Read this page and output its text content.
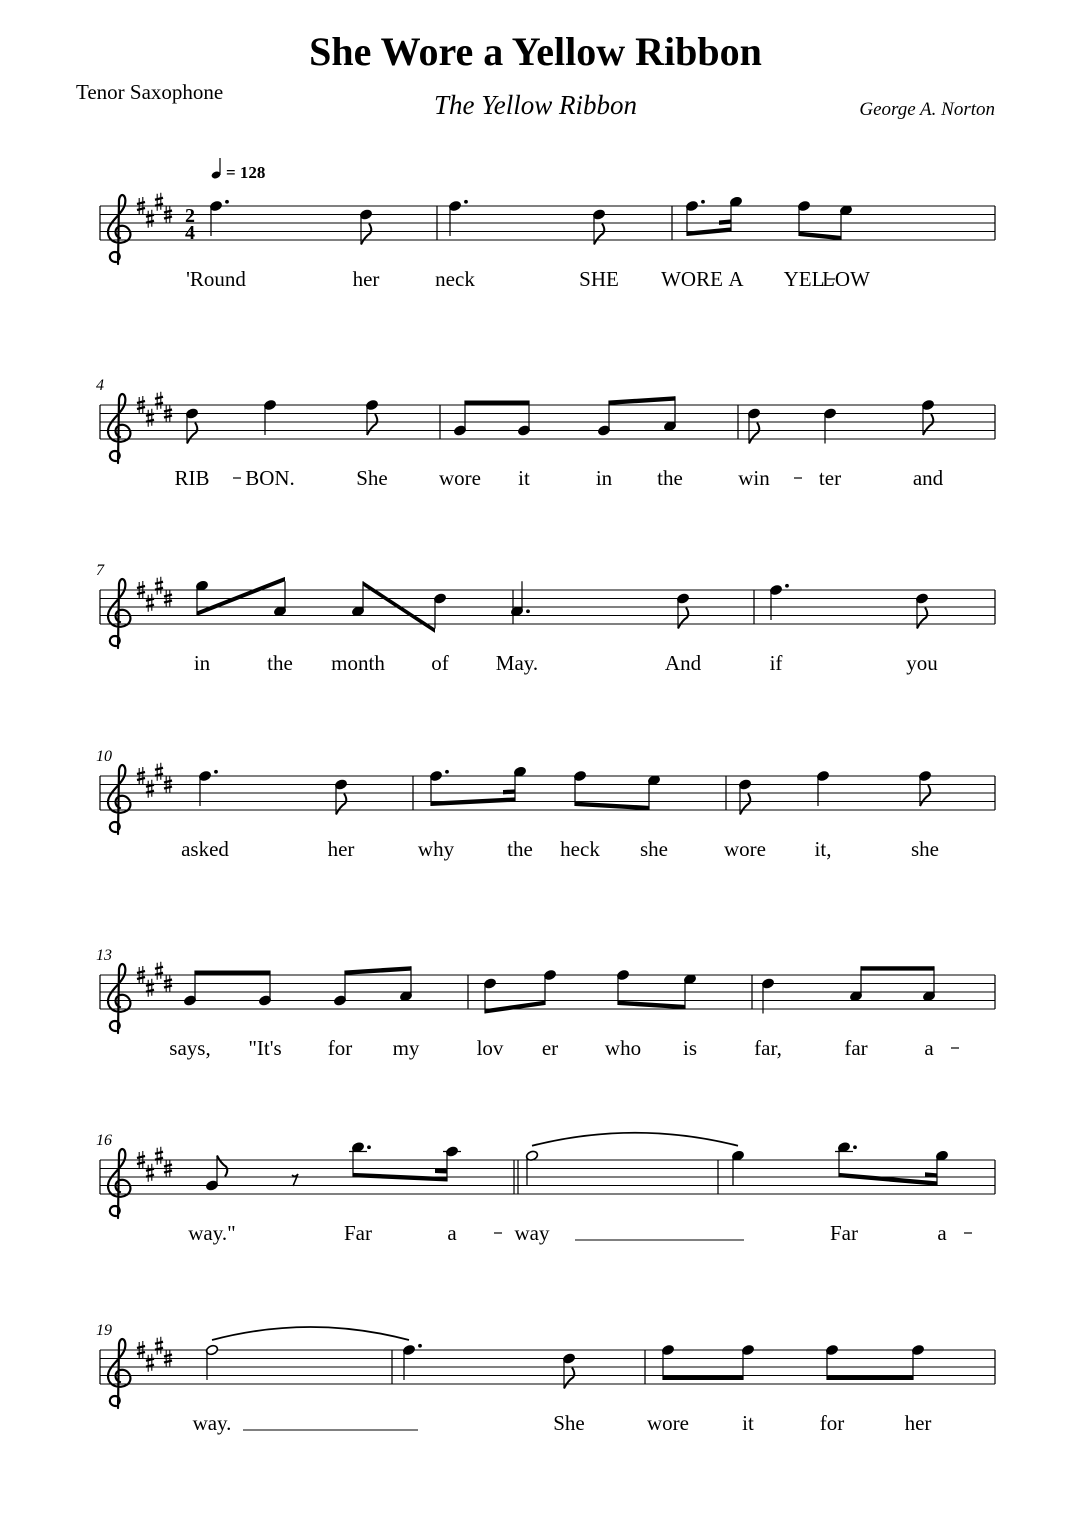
She Wore a Yellow Ribbon
Tenor Saxophone	The Yellow Ribbon	George A. Norton
= 128
2
4
'Round	her	neck	SHE WORE A YEL
LOW
4
RIB BON.	She wore it	in the	win ter	and
7
in	the month of May.	And	if	you
10
asked	her	why	the heck she	wore it,	she
13
says, "It's for my	lov er who is	far,	far	a
16
way."	Far	a	way	Far	a
19
way.	She	wore	it	for	her
